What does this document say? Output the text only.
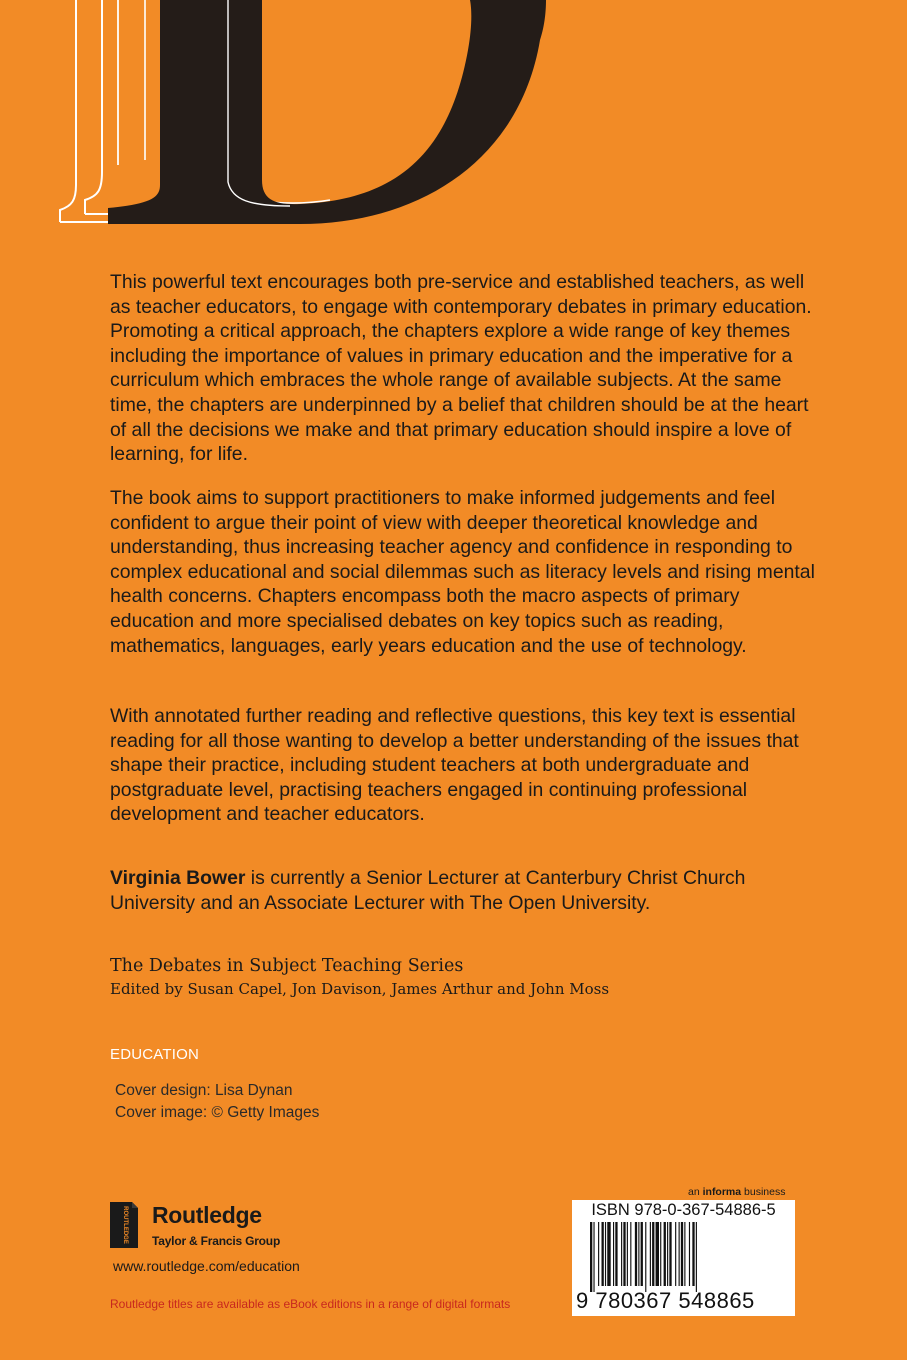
This powerful text encourages both pre-service and established teachers, as well as teacher educators, to engage with contemporary debates in primary education. Promoting a critical approach, the chapters explore a wide range of key themes including the importance of values in primary education and the imperative for a curriculum which embraces the whole range of available subjects. At the same time, the chapters are underpinned by a belief that children should be at the heart of all the decisions we make and that primary education should inspire a love of learning, for life.

The book aims to support practitioners to make informed judgements and feel confident to argue their point of view with deeper theoretical knowledge and understanding, thus increasing teacher agency and confidence in responding to complex educational and social dilemmas such as literacy levels and rising mental health concerns. Chapters encompass both the macro aspects of primary education and more specialised debates on key topics such as reading, mathematics, languages, early years education and the use of technology.

With annotated further reading and reflective questions, this key text is essential reading for all those wanting to develop a better understanding of the issues that shape their practice, including student teachers at both undergraduate and postgraduate level, practising teachers engaged in continuing professional development and teacher educators.

Virginia Bower is currently a Senior Lecturer at Canterbury Christ Church University and an Associate Lecturer with The Open University.

The Debates in Subject Teaching Series
Edited by Susan Capel, Jon Davison, James Arthur and John Moss
EDUCATION
Cover design: Lisa Dynan
Cover image: © Getty Images
ROUTLEDGE Routledge
Taylor & Francis Group
www.routledge.com/education
Routledge titles are available as eBook editions in a range of digital formats
an informa business
ISBN 978-0-367-54886-5
9 780367 548865
